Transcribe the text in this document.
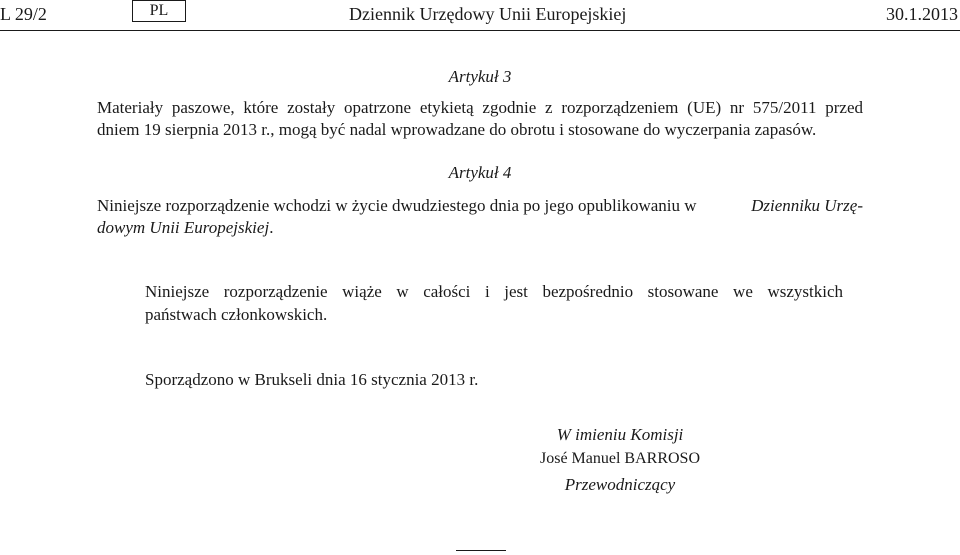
L 29/2	PL	Dziennik Urzędowy Unii Europejskiej	30.1.2013
Artykuł 3
Materiały paszowe, które zostały opatrzone etykietą zgodnie z rozporządzeniem (UE) nr 575/2011 przed
dniem 19 sierpnia 2013 r., mogą być nadal wprowadzane do obrotu i stosowane do wyczerpania zapasów.
Artykuł 4
Niniejsze rozporządzenie wchodzi w życie dwudziestego dnia po jego opublikowaniu w	Dzienniku Urzę-
dowym Unii Europejskiej.
Niniejsze rozporządzenie wiąże w całości i jest bezpośrednio stosowane we wszystkich
państwach członkowskich.
Sporządzono w Brukseli dnia 16 stycznia 2013 r.
W imieniu Komisji
José Manuel BARROSO
Przewodniczący
